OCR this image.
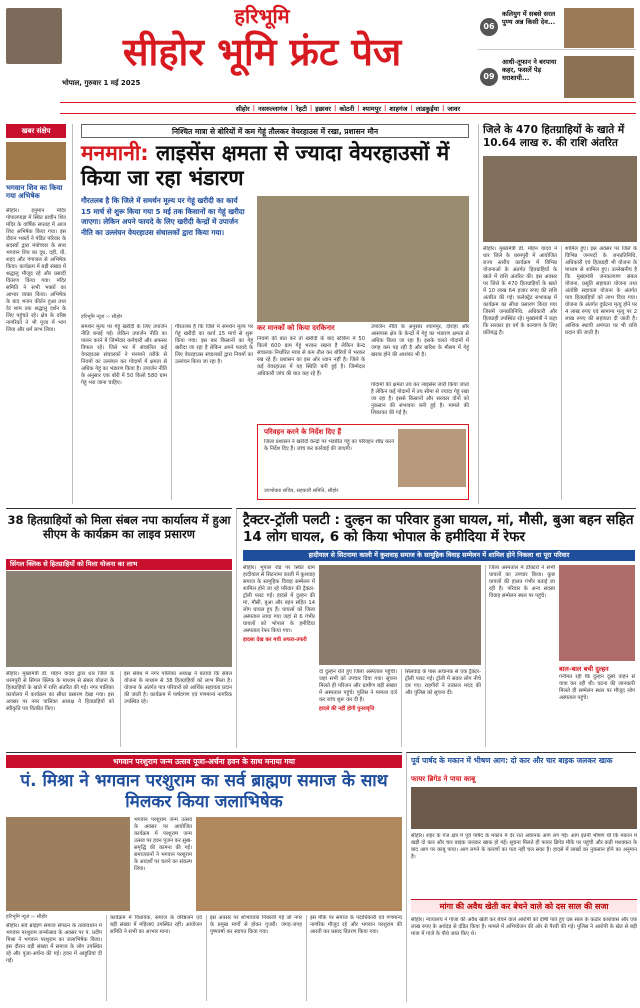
हरिभूमि
सीहोर भूमि फ्रंट पेज
भोपाल, गुरुवार 1 मई 2025
06
कलियुग में सबसे सरल पुण्य अन्न किसी देव...
09
आधी-तूफान ने बरपाया कहर, फसलें पेड़ धराशायी...
सीहोर | नसरुल्लागंज | रेहटी | इछावर | कोठरी | श्यामपुर | शाहगंज | लाडकुईया | जावर
खबर संक्षेप
भगवान शिव का किया गया अभिषेक
सीहोर। हनुमान मंदिर गोपालपाड़ा में स्थित प्राचीन शिव मंदिर के वार्षिक सप्ताह में आज शिव अभिषेक किया गया। इस दौरान भक्तों ने पंडित परिवार के सदस्यों द्वारा मंत्रोच्चार के साथ भगवान शिव का दूध, दही, घी, शहद और गंगाजल से अभिषेक किया। कार्यक्रम में बड़ी संख्या में श्रद्धालु मौजूद रहे और प्रसादी वितरण किया गया। मंदिर समिति ने सभी भक्तों का आभार व्यक्त किया। अभिषेक के बाद भजन कीर्तन हुआ तथा देर शाम तक श्रद्धालु दर्शन के लिए पहुंचते रहे। क्षेत्र के वरिष्ठ नागरिकों ने भी पूजा में भाग लिया और धर्म लाभ लिया।
निश्चित मात्रा से बोरियों में कम गेहूं तौलकर वेयरहाउस में रखा, प्रशासन मौन
मनमानी: लाइसेंस क्षमता से ज्यादा वेयरहाउसों में किया जा रहा भंडारण
गौरतलब है कि जिले में समर्थन मूल्य पर गेहूं खरीदी का कार्य 15 मार्च से शुरू किया गया 5 मई तक किसानों का गेहूं खरीदा जाएगा। लेकिन अपने फायदे के लिए खरीदी केन्द्रों में उपार्जन नीति का उल्लंघन वेयरहाउस संचालकों द्वारा किया गया।
हरिभूमि न्यूज ›› सीहोर

समर्थन मूल्य पर गेहूं खरीदी के लिए उपार्जन नीति बनाई गई। लेकिन उपार्जन नीति का पालन करने में जिम्मेदार कर्मचारी और अफसर विफल रहे। जिले भर में संचालित कई वेयरहाउस संचालकों ने मनमाने तरीके से नियमों का उल्लंघन कर गोदामों में क्षमता से अधिक गेहूं का भंडारण किया है। उपार्जन नीति के अनुसार एक बोरी में 50 किलो 580 ग्राम गेहूं भरा जाना चाहिए।

गौरतलब है कि जिले में समर्थन मूल्य पर गेहूं खरीदी का कार्य 15 मार्च से शुरू किया गया। इस बार किसानों का गेहूं खरीदा जा रहा है लेकिन अपने फायदे के लिए वेयरहाउस संचालकों द्वारा नियमों का उल्लंघन किया जा रहा है।

कर मानकों को किया दरकिनार
नियमों की बात करें तो खरीदी के बाद स्टेकिंग में 50 किलो 600 ग्राम गेहूं भरकर रखना है लेकिन केन्द्र संचालक निर्धारित मात्रा से कम तौल कर बोरियों में भरकर रख रहे हैं। प्रशासन का इस ओर ध्यान नहीं है। जिले के कई वेयरहाउस में यह स्थिति बनी हुई है। जिम्मेदार अधिकारी जांच की बात कह रहे हैं।
उपार्जन नीति के अनुसार श्यामपुर, दोराहा और आसपास क्षेत्र के केन्द्रों में गेहूं का भंडारण क्षमता से अधिक किया जा रहा है। इसके चलते गोदामों में जगह कम पड़ रही है और बारिश के मौसम में गेहूं खराब होने की आशंका भी है।
परिवहन करने के निर्देश दिए हैं
जिला प्रशासन ने खरीदी केन्द्रों पर भंडारित गेहूं का परिवहन शीघ्र करने के निर्देश दिए हैं। जांच कर कार्रवाई की जाएगी।
उपभोक्ता सचिव, सहकारी समिति, सीहोर
गोदामों की क्षमता तय कर लाइसेंस जारी किया जाता है लेकिन कई गोदामों में तय सीमा से ज्यादा गेहूं रखा जा रहा है। इससे किसानों और सरकार दोनों को नुकसान की संभावना बनी हुई है। मामले की शिकायत की गई है।
जिले के 470 हितग्राहियों के खाते में 10.64 लाख रु. की राशि अंतरित
सीहोर। मुख्यमंत्री डॉ. मोहन यादव ने धार जिले के धरमपुरी में आयोजित राज्य स्तरीय कार्यक्रम में विभिन्न योजनाओं के अंतर्गत हितग्राहियों के खाते में राशि अंतरित की। इस अवसर पर जिले के 470 हितग्राहियों के खाते में 10 लाख 64 हजार रुपए की राशि अंतरित की गई। कलेक्ट्रेट सभाकक्ष में कार्यक्रम का सीधा प्रसारण किया गया जिसमें जनप्रतिनिधि, अधिकारी और हितग्राही उपस्थित रहे। मुख्यमंत्री ने कहा कि सरकार हर वर्ग के कल्याण के लिए प्रतिबद्ध है।
शामिल हुए। इस अवसर पर जिले के विभिन्न जनपदों के जनप्रतिनिधि, अधिकारी एवं हितग्राही भी योजना के माध्यम से शामिल हुए। उल्लेखनीय है कि मुख्यमंत्री जनकल्याण संबल योजना, प्रसूति सहायता योजना तथा अंत्येष्टि सहायता योजना के अंतर्गत पात्र हितग्राहियों को लाभ दिया गया। योजना के अंतर्गत दुर्घटना मृत्यु होने पर 4 लाख रुपए एवं सामान्य मृत्यु पर 2 लाख रुपए की सहायता दी जाती है। आंशिक स्थायी अपंगता पर भी राशि प्रदान की जाती है।
38 हितग्राहियों को मिला संबल नपा कार्यालय में हुआ सीएम के कार्यक्रम का लाइव प्रसारण
सिंगल क्लिक से हितग्राहियों को मिला योजना का लाभ
सीहोर। मुख्यमंत्री डॉ. मोहन यादव द्वारा धार जिले के धरमपुरी से सिंगल क्लिक के माध्यम से संबल योजना के हितग्राहियों के खाते में राशि अंतरित की गई। नगर पालिका कार्यालय में कार्यक्रम का सीधा प्रसारण देखा गया। इस अवसर पर नगर पालिका अध्यक्ष ने हितग्राहियों को स्वीकृति पत्र वितरित किए।
इस संबंध में नगर पालिका अध्यक्ष ने बताया कि संबल योजना के माध्यम से 38 हितग्राहियों को लाभ मिला है। योजना के अंतर्गत पात्र परिवारों को आर्थिक सहायता प्रदान की जाती है। कार्यक्रम में पार्षदगण एवं गणमान्य नागरिक उपस्थित रहे।
ट्रैक्टर-ट्रॉली पलटी : दुल्हन का परिवार हुआ घायल, मां, मौसी, बुआ बहन सहित 14 लोग घायल, 6 को किया भोपाल के हमीदिया में रेफर
हादीयाल से सिटनामा काली में कुशवाह समाज के सामूहिक विवाह सम्मेलन में शामिल होने निकला था पूरा परिवार

सीहोर। भूपाल रोड पर स्थित ग्राम हादीयाल से सिटनामा काली में कुशवाह समाज के सामूहिक विवाह सम्मेलन में शामिल होने जा रहे परिवार की ट्रैक्टर-ट्रॉली पलट गई। हादसे में दुल्हन की मां, मौसी, बुआ और बहन सहित 14 लोग घायल हुए हैं। घायलों को जिला अस्पताल लाया गया जहां से 6 गंभीर घायलों को भोपाल के हमीदिया अस्पताल रेफर किया गया।

हादसा देख कर मची अफरा-तफरी

दो दुल्हन रोते हुए जिला अस्पताल पहुंची। जहां सभी को उपचार दिया गया। सूचना मिलते ही परिजन और ग्रामीण बड़ी संख्या में अस्पताल पहुंचे। पुलिस ने मामला दर्ज कर जांच शुरू कर दी है।

हादसे की नहीं होगी पुनरावृत्ति

सिलवाड़ के पास अचानक से एक ट्रैक्टर-ट्रॉली पलट गई। ट्रॉली में सवार लोग नीचे दब गए। राहगीरों ने तत्काल मदद की और पुलिस को सूचना दी।
जिला अस्पताल में डॉक्टरों ने सभी घायलों का उपचार किया। कुछ घायलों की हालत गंभीर बताई जा रही है। परिवार के अन्य सदस्य विवाह सम्मेलन स्थल पर पहुंचे।
बाल-बाल बची दुल्हन
गनीमत रही कि दुल्हन दूसरे वाहन से यात्रा कर रही थी। घटना की जानकारी मिलते ही सम्मेलन स्थल पर मौजूद लोग अस्पताल पहुंचे।
भगवान परशुराम जन्म उत्सव पूजा-अर्चना हवन के साथ मनाया गया
पं. मिश्रा ने भगवान परशुराम का सर्व ब्राह्मण समाज के साथ मिलकर किया जलाभिषेक
हरिभूमि न्यूज ›› सीहोर
भगवान परशुराम जन्म उत्सव के अवसर पर आयोजित कार्यक्रम में परशुराम जन्म उत्सव पर हवन पूजन कर सुख-समृद्धि की कामना की गई। समाजजनों ने भगवान परशुराम के आदर्शों पर चलने का संकल्प लिया।
सीहोर। सर्व ब्राह्मण समाज संगठन के तत्वावधान में भगवान परशुराम जन्मोत्सव के अवसर पर पं. प्रदीप मिश्रा ने भगवान परशुराम का जलाभिषेक किया। इस दौरान बड़ी संख्या में समाज के लोग उपस्थित रहे और पूजा-अर्चना की गई। हवन में आहुतियां दी गईं।
कार्यक्रम में विधायक, समाज के वरिष्ठजन एवं बड़ी संख्या में महिलाएं उपस्थित रहीं। आयोजन समिति ने सभी का आभार माना।
इस अवसर पर शोभायात्रा निकाली गई जो नगर के प्रमुख मार्गों से होकर गुजरी। जगह-जगह पुष्पवर्षा कर स्वागत किया गया।
इस मौके पर समाज के पदाधिकारी एवं गणमान्य नागरिक मौजूद रहे और भगवान परशुराम की आरती कर प्रसाद वितरण किया गया।
पूर्व पार्षद के मकान में भीषण आग: दो कार और चार बाइक जलकर खाक
फायर ब्रिगेड ने पाया काबू
सीहोर। शहर के गंज क्षेत्र में पूर्व पार्षद के मकान में देर रात अचानक आग लग गई। आग इतनी भीषण थी कि मकान में खड़ी दो कार और चार बाइक जलकर खाक हो गईं। सूचना मिलते ही फायर ब्रिगेड मौके पर पहुंची और कड़ी मशक्कत के बाद आग पर काबू पाया। आग लगने के कारणों का पता नहीं चल सका है। हादसे में लाखों का नुकसान होने का अनुमान है।
मांगा की अवैध खेती कर बेचने वाले को दस साल की सजा
सीहोर। न्यायालय ने गांजा की अवैध खेती कर बेचने वाले आरोपी को दोषी पाते हुए दस साल के कठोर कारावास और एक लाख रुपए के अर्थदंड से दंडित किया है। मामले में अभियोजन की ओर से पैरवी की गई। पुलिस ने आरोपी के खेत से बड़ी मात्रा में गांजे के पौधे जब्त किए थे।
